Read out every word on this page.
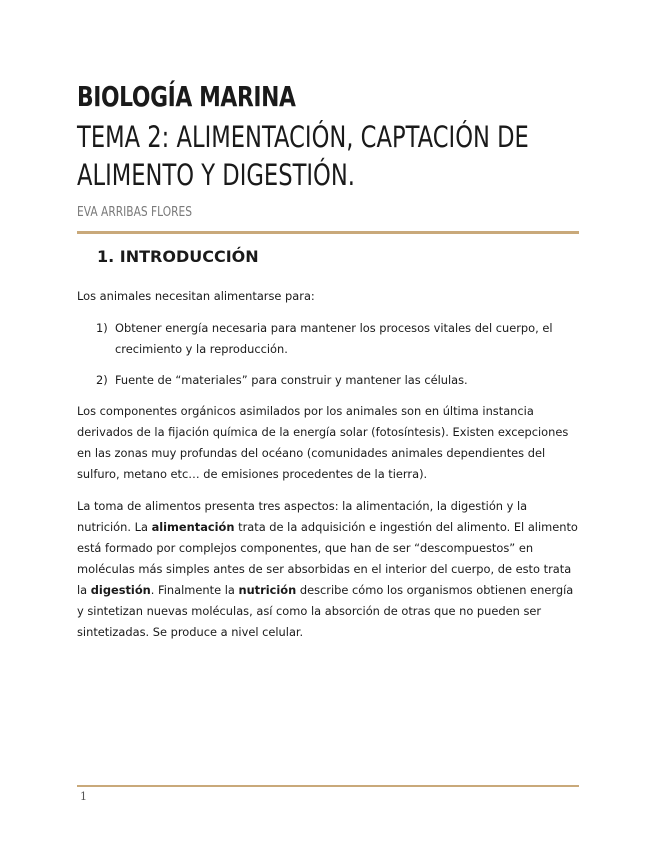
BIOLOGÍA MARINA
TEMA 2: ALIMENTACIÓN, CAPTACIÓN DE ALIMENTO Y DIGESTIÓN.
EVA ARRIBAS FLORES
1. INTRODUCCIÓN

Los animales necesitan alimentarse para:

1) Obtener energía necesaria para mantener los procesos vitales del cuerpo, el crecimiento y la reproducción.
2) Fuente de “materiales” para construir y mantener las células.

Los componentes orgánicos asimilados por los animales son en última instancia derivados de la fijación química de la energía solar (fotosíntesis). Existen excepciones en las zonas muy profundas del océano (comunidades animales dependientes del sulfuro, metano etc… de emisiones procedentes de la tierra).

La toma de alimentos presenta tres aspectos: la alimentación, la digestión y la nutrición. La alimentación trata de la adquisición e ingestión del alimento. El alimento está formado por complejos componentes, que han de ser “descompuestos” en moléculas más simples antes de ser absorbidas en el interior del cuerpo, de esto trata la digestión. Finalmente la nutrición describe cómo los organismos obtienen energía y sintetizan nuevas moléculas, así como la absorción de otras que no pueden ser sintetizadas. Se produce a nivel celular.

1
